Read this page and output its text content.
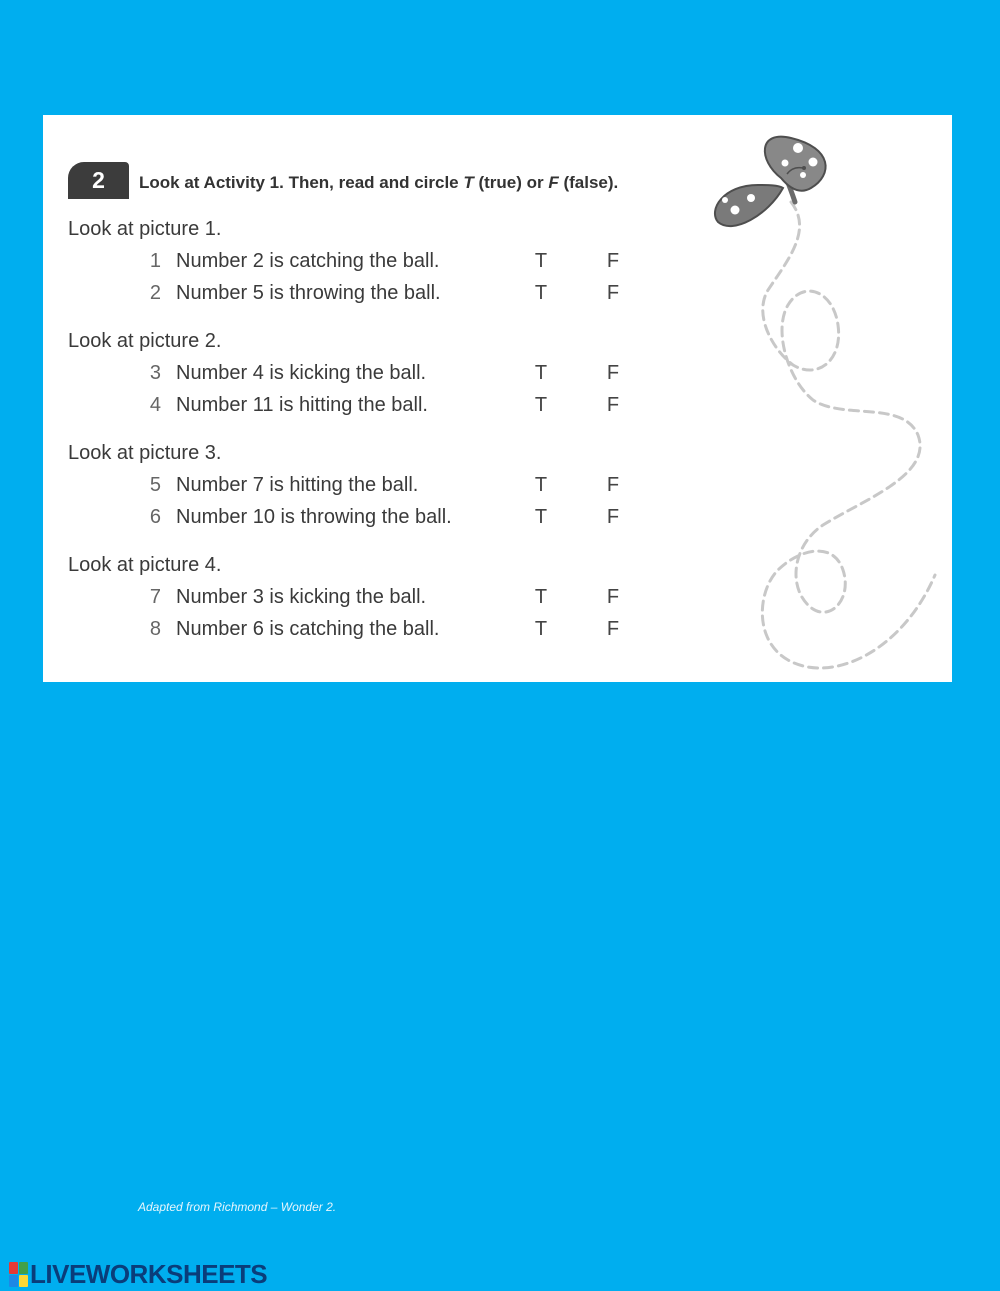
2 Look at Activity 1. Then, read and circle T (true) or F (false).
Look at picture 1.
1 Number 2 is catching the ball.	T	F
2 Number 5 is throwing the ball.	T	F
Look at picture 2.
3 Number 4 is kicking the ball.	T	F
4 Number 11 is hitting the ball.	T	F
Look at picture 3.
5 Number 7 is hitting the ball.	T	F
6 Number 10 is throwing the ball.	T	F
Look at picture 4.
7 Number 3 is kicking the ball.	T	F
8 Number 6 is catching the ball.	T	F
Adapted from Richmond – Wonder 2.
LIVEWORKSHEETS
